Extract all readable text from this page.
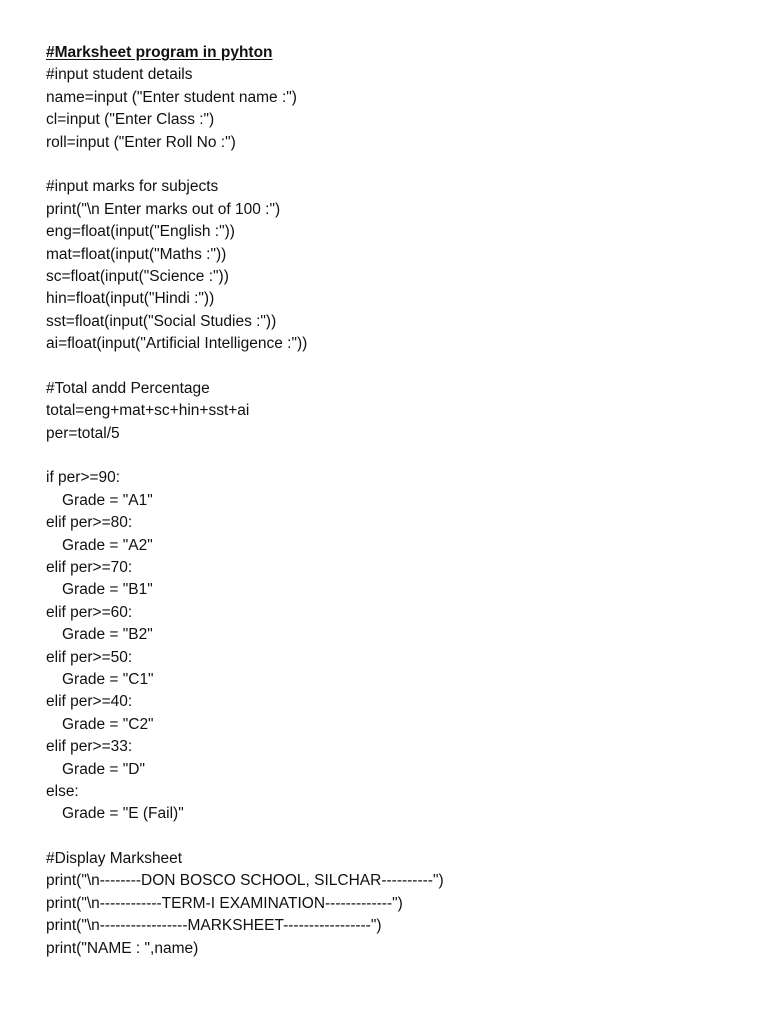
#Marksheet program in pyhton
#input student details
name=input ("Enter student name :")
cl=input ("Enter Class :")
roll=input ("Enter Roll No :")
#input marks for subjects
print("\n Enter marks out of 100 :")
eng=float(input("English :"))
mat=float(input("Maths :"))
sc=float(input("Science :"))
hin=float(input("Hindi :"))
sst=float(input("Social Studies :"))
ai=float(input("Artificial Intelligence :"))
#Total andd Percentage
total=eng+mat+sc+hin+sst+ai
per=total/5
if per>=90:
Grade = "A1"
elif per>=80:
Grade = "A2"
elif per>=70:
Grade = "B1"
elif per>=60:
Grade = "B2"
elif per>=50:
Grade = "C1"
elif per>=40:
Grade = "C2"
elif per>=33:
Grade = "D"
else:
Grade = "E (Fail)"
#Display Marksheet
print("\n--------DON BOSCO SCHOOL, SILCHAR----------")
print("\n------------TERM-I EXAMINATION-------------")
print("\n-----------------MARKSHEET-----------------")
print("NAME : ",name)
